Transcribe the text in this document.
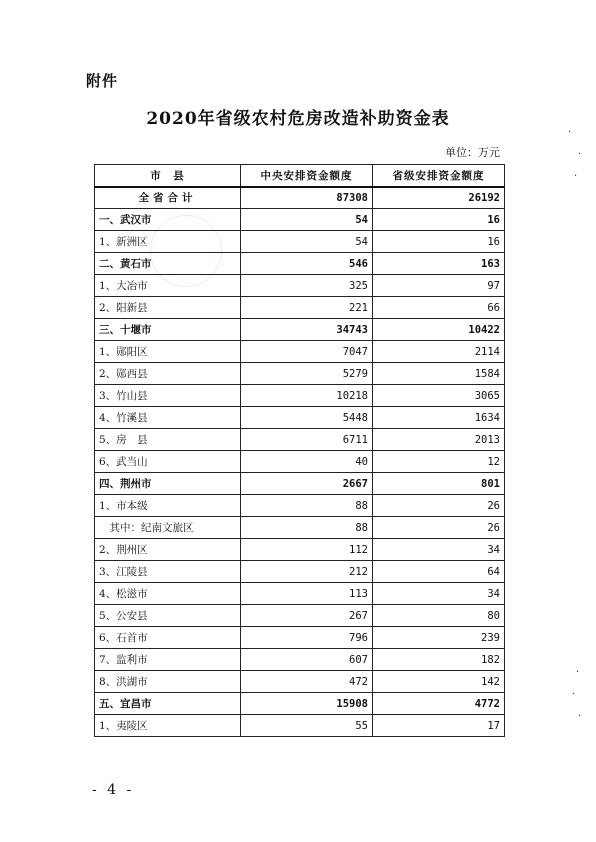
附件
2020年省级农村危房改造补助资金表
单位：万元
市　县	中央安排资金额度	省级安排资金额度
全省合计	87308	26192
一、武汉市	54	16
1、新洲区	54	16
二、黄石市	546	163
1、大冶市	325	97
2、阳新县	221	66
三、十堰市	34743	10422
1、郧阳区	7047	2114
2、郧西县	5279	1584
3、竹山县	10218	3065
4、竹溪县	5448	1634
5、房　县	6711	2013
6、武当山	40	12
四、荆州市	2667	801
1、市本级	88	26
　其中：纪南文旅区	88	26
2、荆州区	112	34
3、江陵县	212	64
4、松滋市	113	34
5、公安县	267	80
6、石首市	796	239
7、监利市	607	182
8、洪湖市	472	142
五、宜昌市	15908	4772
1、夷陵区	55	17
- 4 -
·
·
·
·
·
·
